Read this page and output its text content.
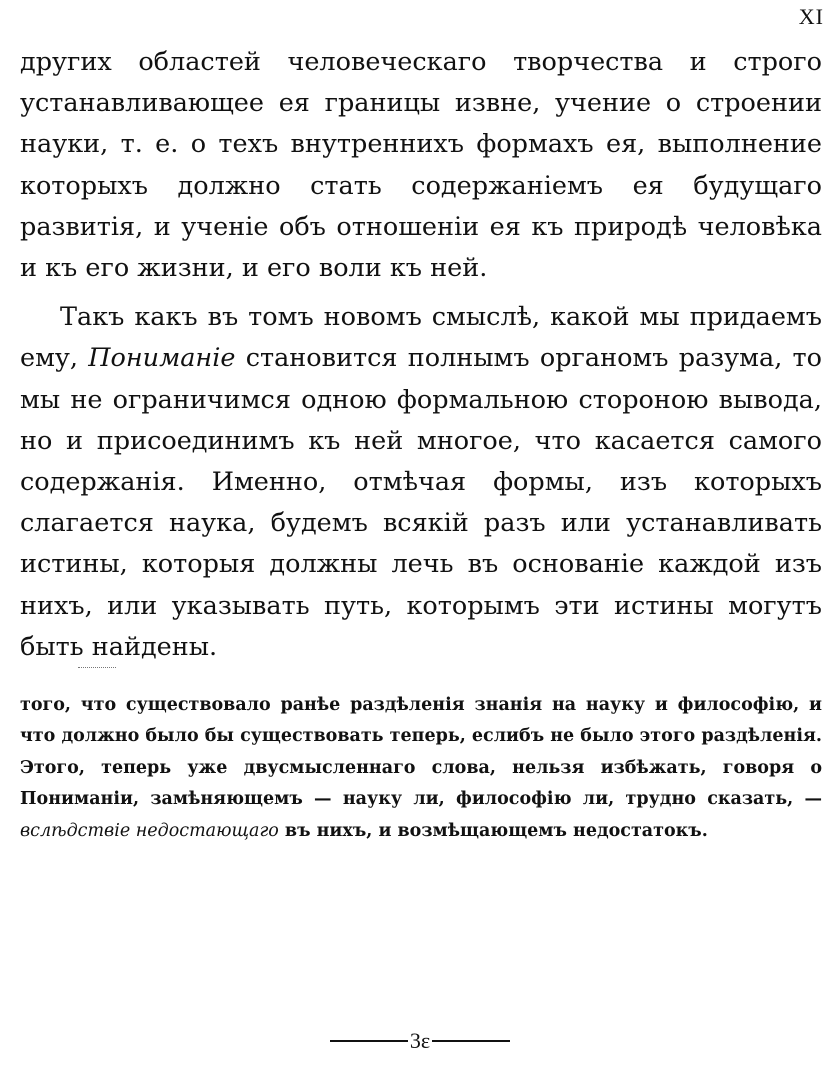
XI

других областей человеческаго творчества и строго устанавливающее ея границы извне, учение о строении науки, т. е. о техъ внутреннихъ формахъ ея, выполнение которыхъ должно стать содержаніемъ ея будущаго развитія, и ученіе объ отношеніи ея къ природѣ человѣка и къ его жизни, и его воли къ ней.

Такъ какъ въ томъ новомъ смыслѣ, какой мы придаемъ ему, Пониманіе становится полнымъ органомъ разума, то мы не ограничимся одною формальною стороною вывода, но и присоединимъ къ ней многое, что касается самого содержанія. Именно, отмѣчая формы, изъ которыхъ слагается наука, будемъ всякій разъ или устанавливать истины, которыя должны лечь въ основаніе каждой изъ нихъ, или указывать путь, которымъ эти истины могутъ быть найдены.

того, что существовало ранѣе раздѣленія знанія на науку и философію, и что должно было бы существовать теперь, еслибъ не было этого раздѣленія. Этого, теперь уже двусмысленнаго слова, нельзя избѣжать, говоря о Пониманіи, замѣняющемъ — науку ли, философію ли, трудно сказать, — вслѣдствіе недостающаго въ нихъ, и возмѣщающемъ недостатокъ.

3ɛ
